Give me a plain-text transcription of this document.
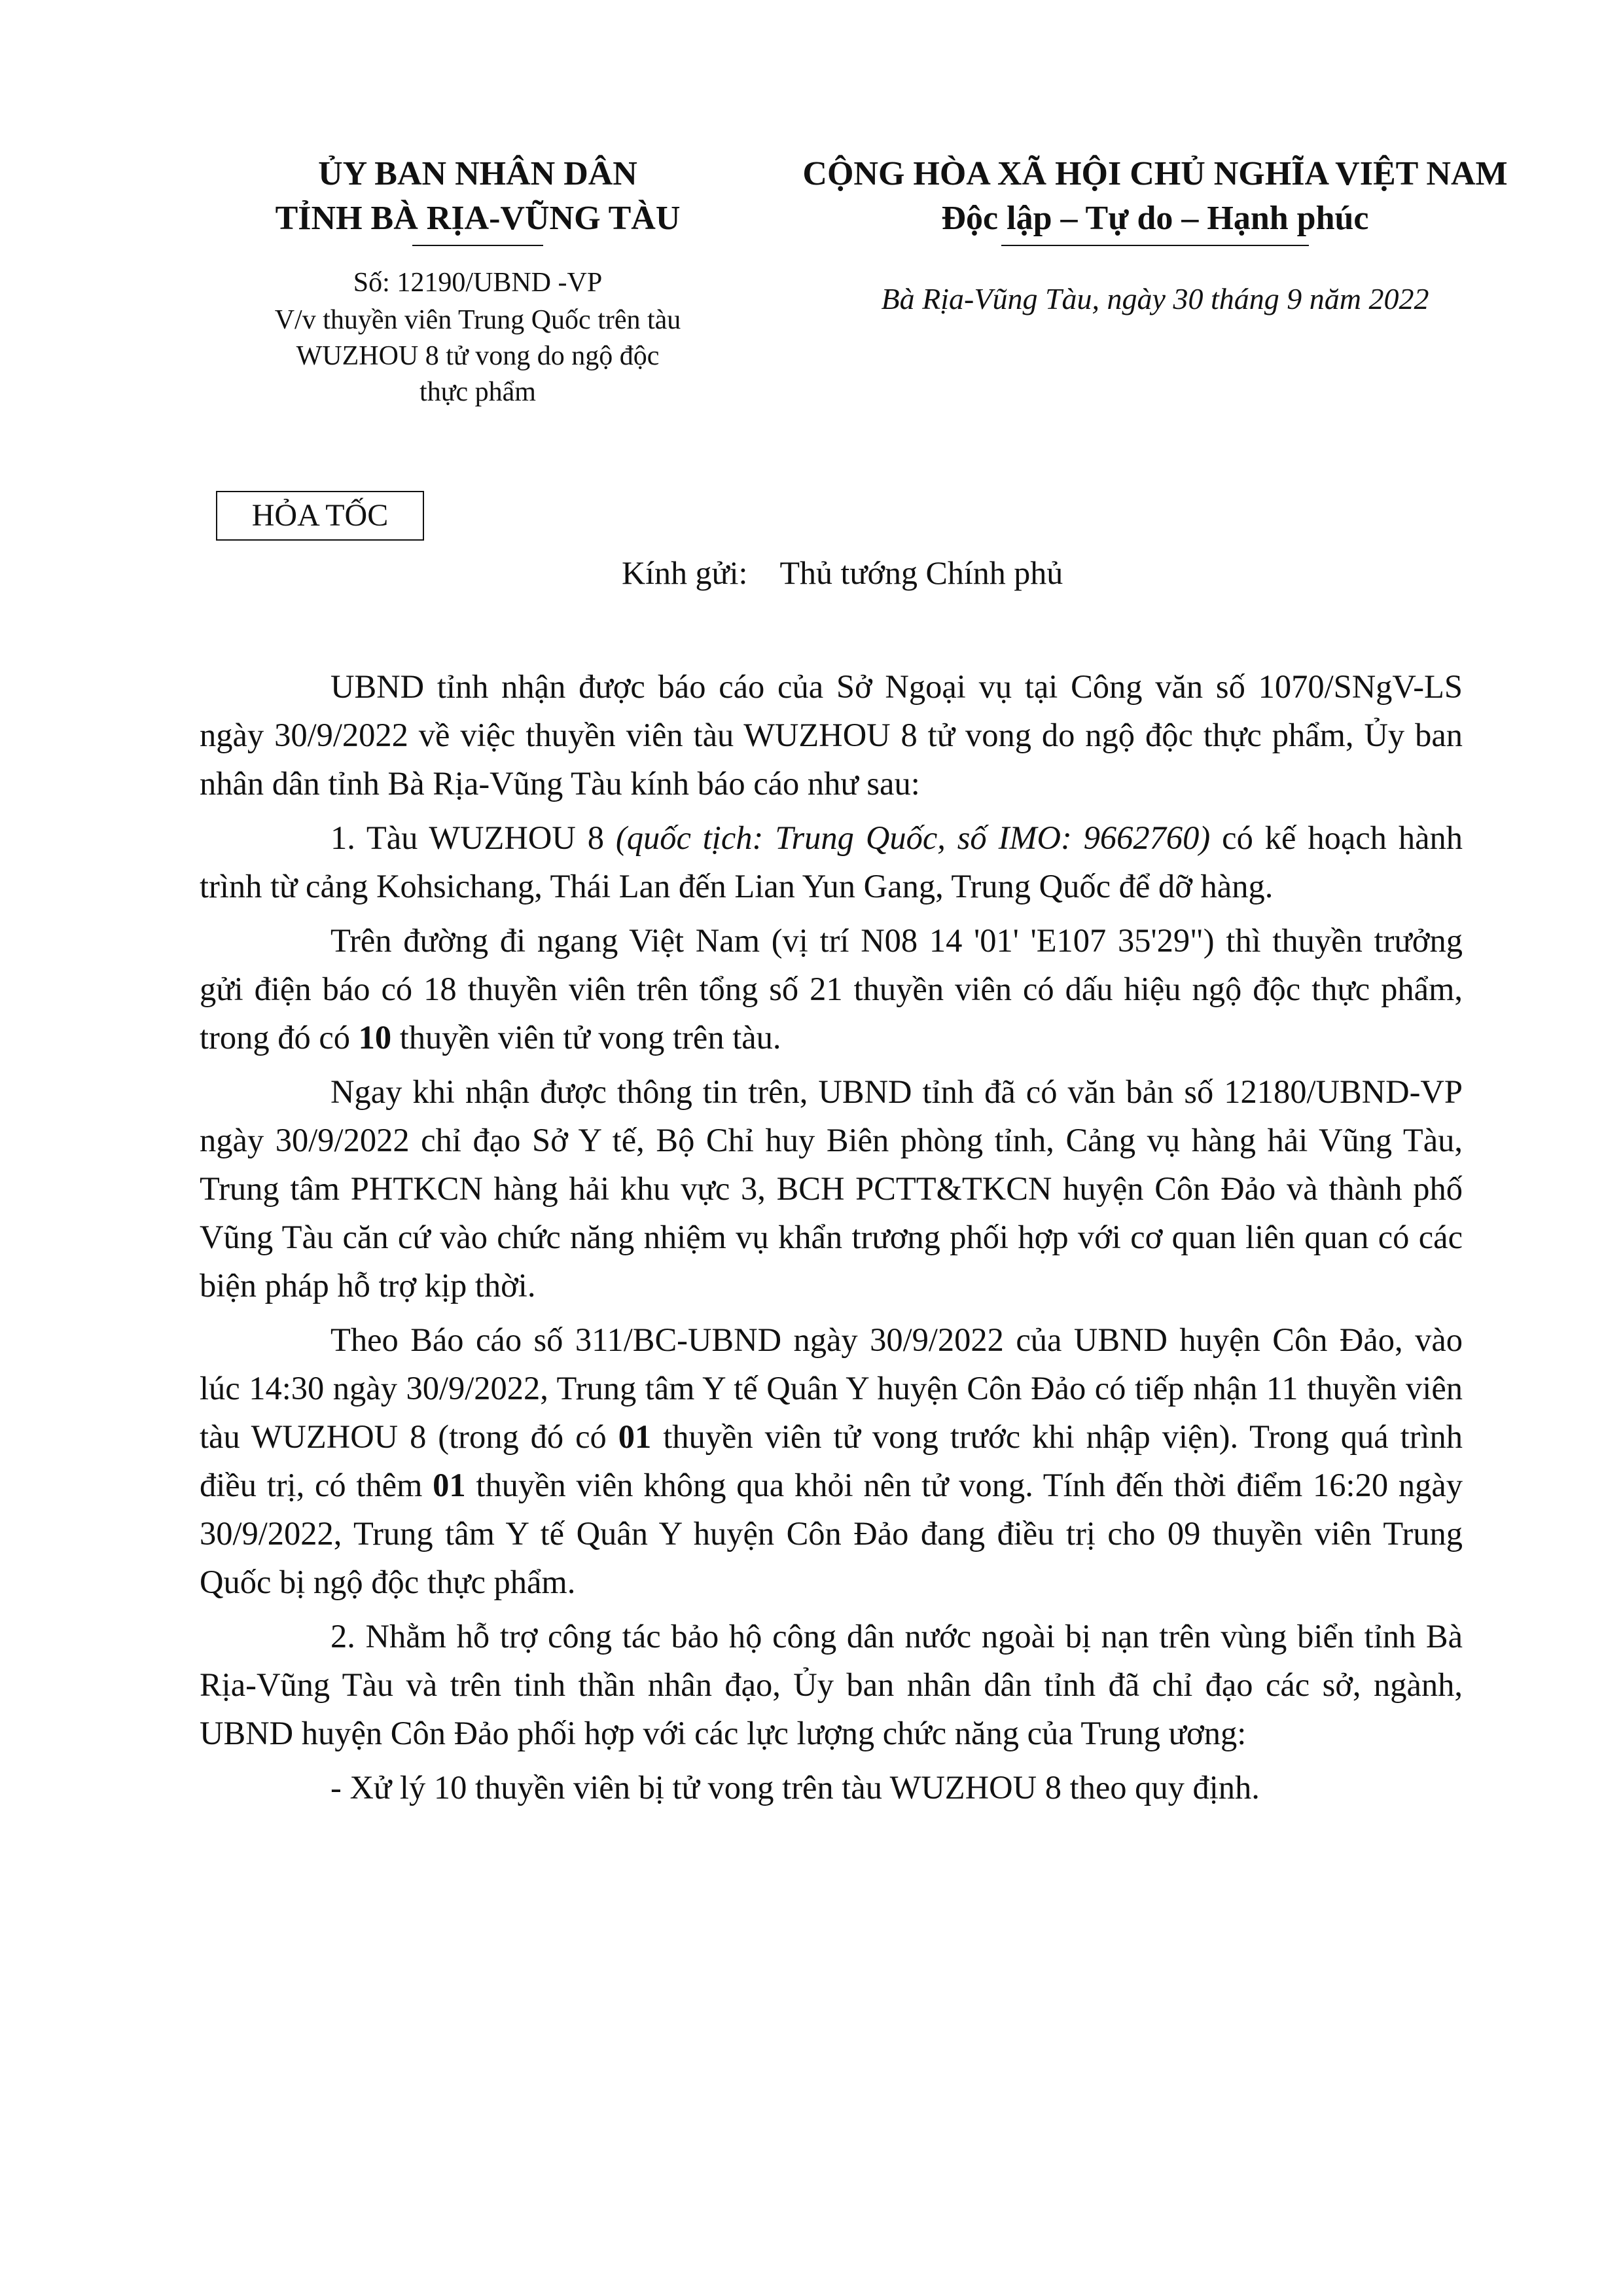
ỦY BAN NHÂN DÂN
TỈNH BÀ RỊA-VŨNG TÀU
CỘNG HÒA XÃ HỘI CHỦ NGHĨA VIỆT NAM
Độc lập – Tự do – Hạnh phúc
Số: 12190/UBND -VP
V/v thuyền viên Trung Quốc trên tàu
WUZHOU 8 tử vong do ngộ độc
thực phẩm
Bà Rịa-Vũng Tàu, ngày 30 tháng 9 năm 2022
HỎA TỐC
Kính gửi: Thủ tướng Chính phủ

UBND tỉnh nhận được báo cáo của Sở Ngoại vụ tại Công văn số 1070/SNgV-LS ngày 30/9/2022 về việc thuyền viên tàu WUZHOU 8 tử vong do ngộ độc thực phẩm, Ủy ban nhân dân tỉnh Bà Rịa-Vũng Tàu kính báo cáo như sau:

1. Tàu WUZHOU 8 (quốc tịch: Trung Quốc, số IMO: 9662760) có kế hoạch hành trình từ cảng Kohsichang, Thái Lan đến Lian Yun Gang, Trung Quốc để dỡ hàng.

Trên đường đi ngang Việt Nam (vị trí N08 14 '01' 'E107 35'29") thì thuyền trưởng gửi điện báo có 18 thuyền viên trên tổng số 21 thuyền viên có dấu hiệu ngộ độc thực phẩm, trong đó có 10 thuyền viên tử vong trên tàu.

Ngay khi nhận được thông tin trên, UBND tỉnh đã có văn bản số 12180/UBND-VP ngày 30/9/2022 chỉ đạo Sở Y tế, Bộ Chỉ huy Biên phòng tỉnh, Cảng vụ hàng hải Vũng Tàu, Trung tâm PHTKCN hàng hải khu vực 3, BCH PCTT&TKCN huyện Côn Đảo và thành phố Vũng Tàu căn cứ vào chức năng nhiệm vụ khẩn trương phối hợp với cơ quan liên quan có các biện pháp hỗ trợ kịp thời.

Theo Báo cáo số 311/BC-UBND ngày 30/9/2022 của UBND huyện Côn Đảo, vào lúc 14:30 ngày 30/9/2022, Trung tâm Y tế Quân Y huyện Côn Đảo có tiếp nhận 11 thuyền viên tàu WUZHOU 8 (trong đó có 01 thuyền viên tử vong trước khi nhập viện). Trong quá trình điều trị, có thêm 01 thuyền viên không qua khỏi nên tử vong. Tính đến thời điểm 16:20 ngày 30/9/2022, Trung tâm Y tế Quân Y huyện Côn Đảo đang điều trị cho 09 thuyền viên Trung Quốc bị ngộ độc thực phẩm.

2. Nhằm hỗ trợ công tác bảo hộ công dân nước ngoài bị nạn trên vùng biển tỉnh Bà Rịa-Vũng Tàu và trên tinh thần nhân đạo, Ủy ban nhân dân tỉnh đã chỉ đạo các sở, ngành, UBND huyện Côn Đảo phối hợp với các lực lượng chức năng của Trung ương:

- Xử lý 10 thuyền viên bị tử vong trên tàu WUZHOU 8 theo quy định.
